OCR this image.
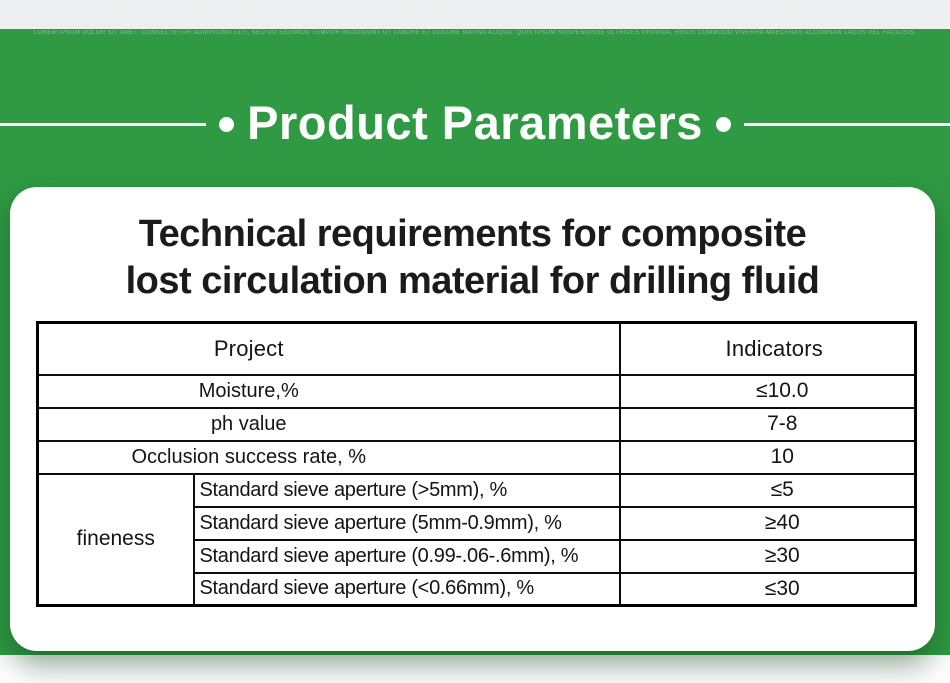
LOREM IPSUM DOLOR SIT AMET, CONSECTETUR ADIPISCING ELIT, SED DO EIUSMOD TEMPOR INCIDIDUNT UT LABORE ET DOLORE MAGNA ALIQUA. QUIS IPSUM SUSPENDISSE ULTRICES GRAVIDA. RISUS COMMODO VIVERRA MAECENAS ACCUMSAN LACUS VEL FACILISIS.
Product Parameters
Technical requirements for composite
lost circulation material for drilling fluid
Project		Indicators
Moisture,%		≤10.0
ph value		7-8
Occlusion success rate, %		10
fineness	Standard sieve aperture (>5mm), %	≤5
	Standard sieve aperture (5mm-0.9mm), %	≥40
	Standard sieve aperture (0.99-.06-.6mm), %	≥30
	Standard sieve aperture (<0.66mm), %	≤30
